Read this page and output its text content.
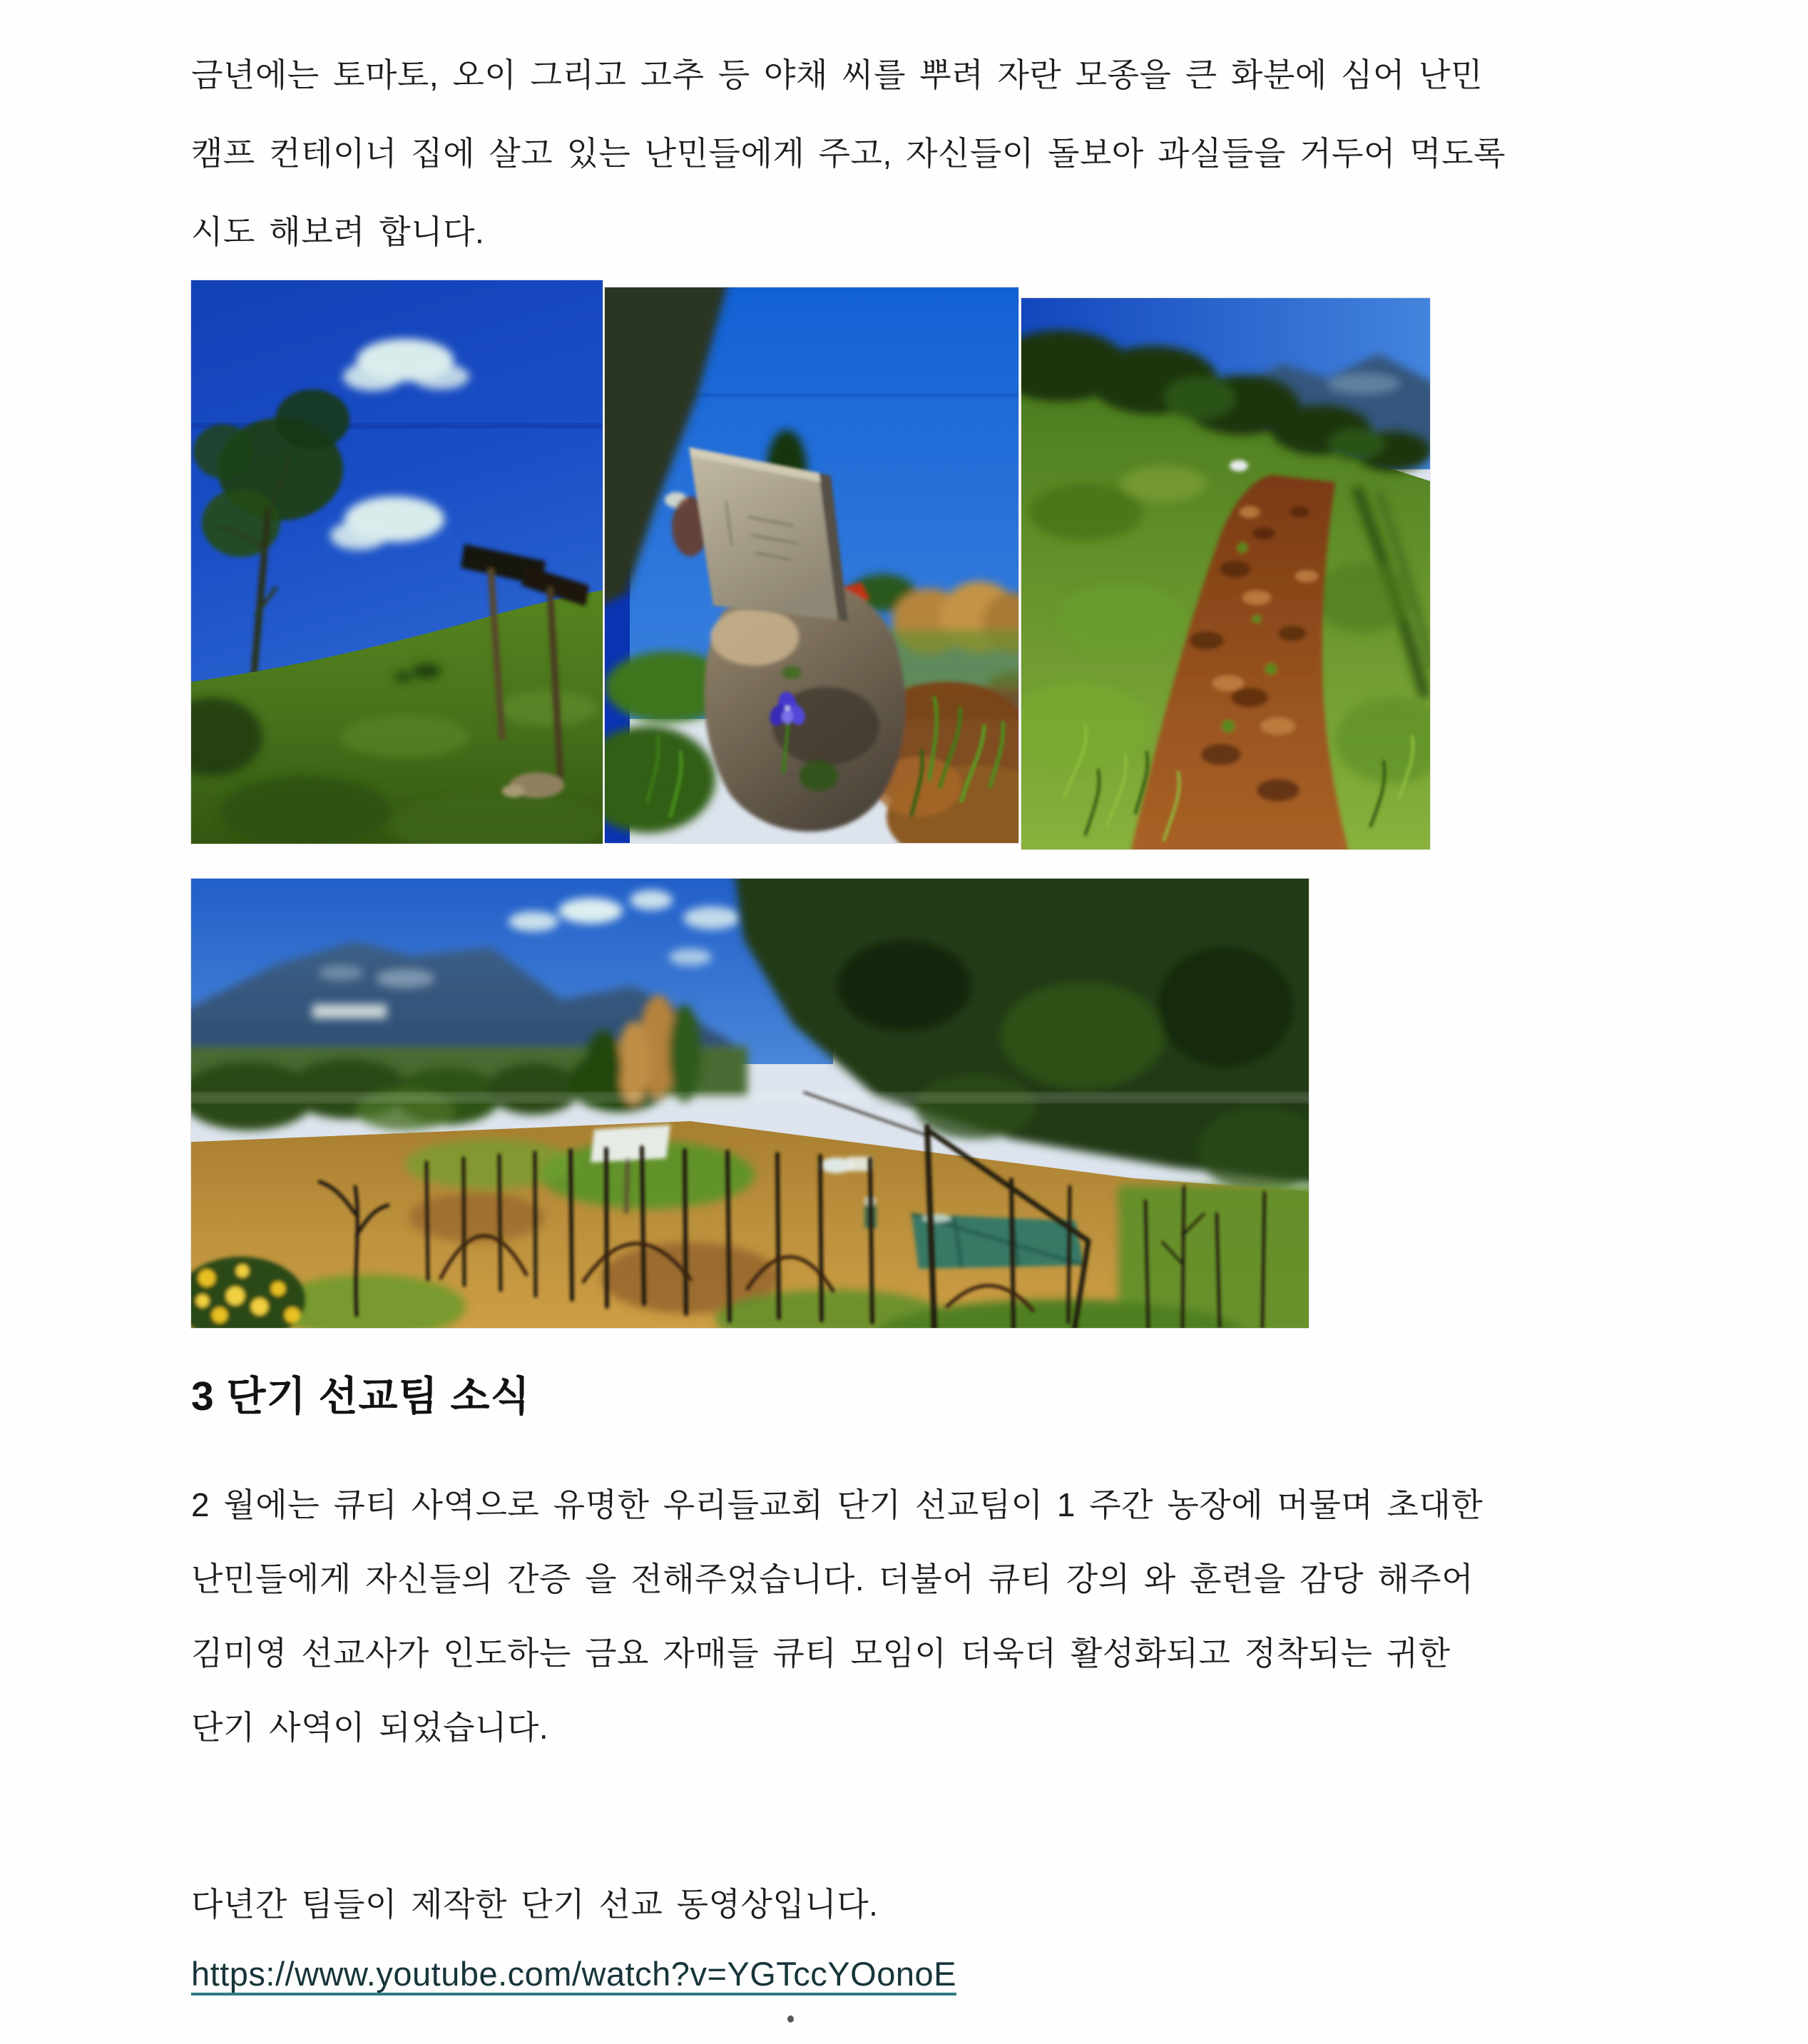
금년에는 토마토, 오이 그리고 고추 등 야채 씨를 뿌려 자란 모종을 큰 화분에 심어 난민
캠프 컨테이너 집에 살고 있는 난민들에게 주고, 자신들이 돌보아 과실들을 거두어 먹도록
시도 해보려 합니다.
3 단기 선교팀 소식
2 월에는 큐티 사역으로 유명한 우리들교회 단기 선교팀이 1 주간 농장에 머물며 초대한
난민들에게 자신들의 간증 을 전해주었습니다. 더불어 큐티 강의 와 훈련을 감당 해주어
김미영 선교사가 인도하는 금요 자매들 큐티 모임이 더욱더 활성화되고 정착되는 귀한
단기 사역이 되었습니다.
다년간 팀들이 제작한 단기 선교 동영상입니다.
https://www.youtube.com/watch?v=YGTccYOonoE
